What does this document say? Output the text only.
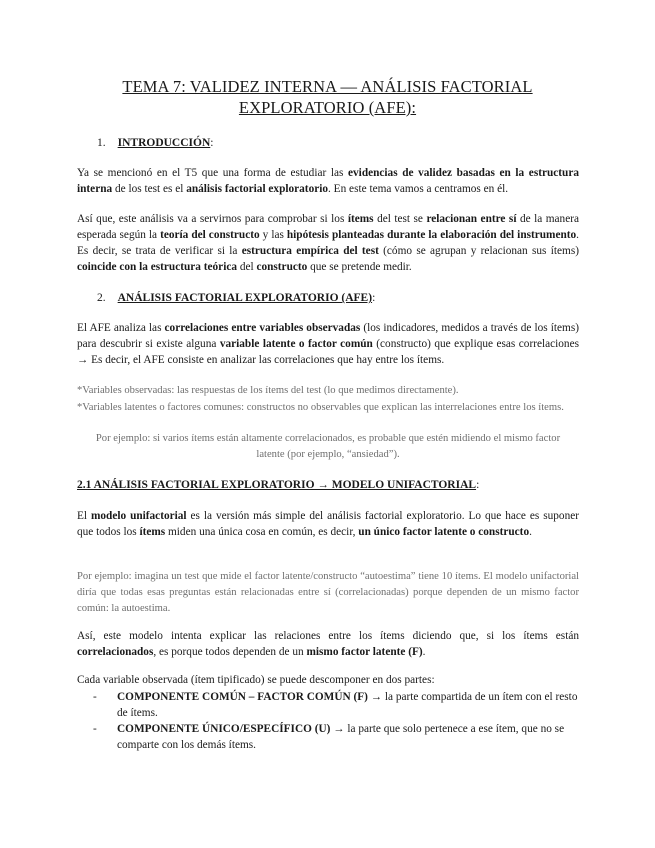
TEMA 7: VALIDEZ INTERNA — ANÁLISIS FACTORIAL
EXPLORATORIO (AFE):
1. INTRODUCCIÓN:
Ya se mencionó en el T5 que una forma de estudiar las evidencias de validez basadas en la estructura interna de los test es el análisis factorial exploratorio. En este tema vamos a centramos en él.
Así que, este análisis va a servirnos para comprobar si los ítems del test se relacionan entre sí de la manera esperada según la teoría del constructo y las hipótesis planteadas durante la elaboración del instrumento. Es decir, se trata de verificar si la estructura empírica del test (cómo se agrupan y relacionan sus ítems) coincide con la estructura teórica del constructo que se pretende medir.
2. ANÁLISIS FACTORIAL EXPLORATORIO (AFE):
El AFE analiza las correlaciones entre variables observadas (los indicadores, medidos a través de los ítems) para descubrir si existe alguna variable latente o factor común (constructo) que explique esas correlaciones → Es decir, el AFE consiste en analizar las correlaciones que hay entre los ítems.
*Variables observadas: las respuestas de los ítems del test (lo que medimos directamente).
*Variables latentes o factores comunes: constructos no observables que explican las interrelaciones entre los ítems.
Por ejemplo: si varios ítems están altamente correlacionados, es probable que estén midiendo el mismo factor latente (por ejemplo, “ansiedad”).
2.1 ANÁLISIS FACTORIAL EXPLORATORIO → MODELO UNIFACTORIAL:
El modelo unifactorial es la versión más simple del análisis factorial exploratorio. Lo que hace es suponer que todos los ítems miden una única cosa en común, es decir, un único factor latente o constructo.
Por ejemplo: imagina un test que mide el factor latente/constructo “autoestima” tiene 10 ítems. El modelo unifactorial diría que todas esas preguntas están relacionadas entre sí (correlacionadas) porque dependen de un mismo factor común: la autoestima.
Así, este modelo intenta explicar las relaciones entre los ítems diciendo que, si los ítems están correlacionados, es porque todos dependen de un mismo factor latente (F).
Cada variable observada (ítem tipificado) se puede descomponer en dos partes:
- COMPONENTE COMÚN – FACTOR COMÚN (F) → la parte compartida de un ítem con el resto de ítems.
- COMPONENTE ÚNICO/ESPECÍFICO (U) → la parte que solo pertenece a ese ítem, que no se comparte con los demás ítems.
